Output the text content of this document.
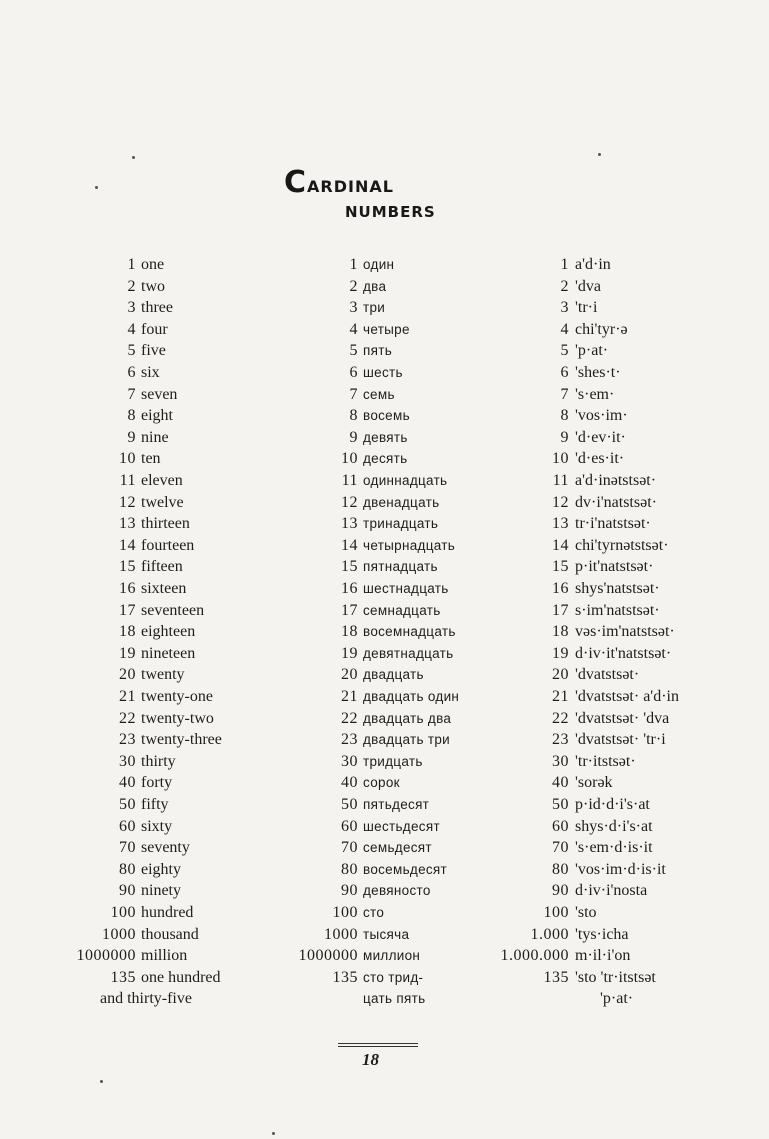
CARDINAL
NUMBERS
1 one	1 один	1 a'd·in
2 two	2 два	2 'dva
3 three	3 три	3 'tr·i
4 four	4 четыре	4 chi'tyr·ə
5 five	5 пять	5 'p·at·
6 six	6 шесть	6 'shes·t·
7 seven	7 семь	7 's·em·
8 eight	8 восемь	8 'vos·im·
9 nine	9 девять	9 'd·ev·it·
10 ten	10 десять	10 'd·es·it·
11 eleven	11 одиннадцать	11 a'd·inətstsət·
12 twelve	12 двенадцать	12 dv·i'natstsət·
13 thirteen	13 тринадцать	13 tr·i'natstsət·
14 fourteen	14 четырнадцать	14 chi'tyrnətstsət·
15 fifteen	15 пятнадцать	15 p·it'natstsət·
16 sixteen	16 шестнадцать	16 shys'natstsət·
17 seventeen	17 семнадцать	17 s·im'natstsət·
18 eighteen	18 восемнадцать	18 vəs·im'natstsət·
19 nineteen	19 девятнадцать	19 d·iv·it'natstsət·
20 twenty	20 двадцать	20 'dvatstsət·
21 twenty-one	21 двадцать один	21 'dvatstsət· a'd·in
22 twenty-two	22 двадцать два	22 'dvatstsət· 'dva
23 twenty-three	23 двадцать три	23 'dvatstsət· 'tr·i
30 thirty	30 тридцать	30 'tr·itstsət·
40 forty	40 сорок	40 'sorək
50 fifty	50 пятьдесят	50 p·id·d·i's·at
60 sixty	60 шестьдесят	60 shys·d·i's·at
70 seventy	70 семьдесят	70 's·em·d·is·it
80 eighty	80 восемьдесят	80 'vos·im·d·is·it
90 ninety	90 девяносто	90 d·iv·i'nosta
100 hundred	100 сто	100 'sto
1000 thousand	1000 тысяча	1.000 'tys·icha
1000000 million	1000000 миллион	1.000.000 m·il·i'on
135 one hundred	135 сто трид-	135 'sto 'tr·itstsət
and thirty-five	цать пять	'p·at·
18
